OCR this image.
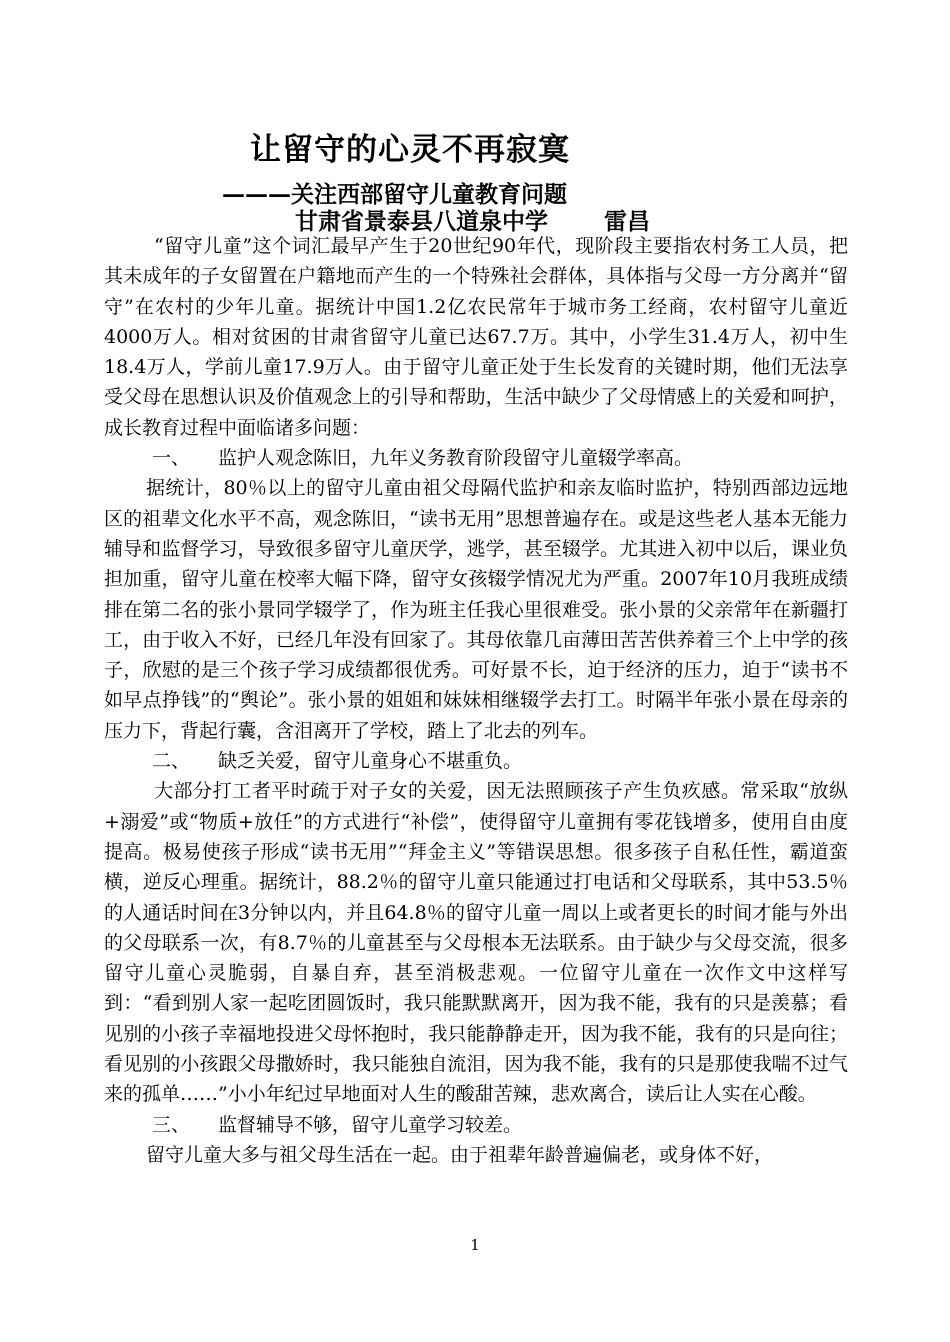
让留守的心灵不再寂寞
———关注西部留守儿童教育问题
甘肃省景泰县八道泉中学 雷昌

“留守儿童”这个词汇最早产生于20世纪90年代，现阶段主要指农村务工人员，把其未成年的子女留置在户籍地而产生的一个特殊社会群体，具体指与父母一方分离并“留守”在农村的少年儿童。据统计中国1.2亿农民常年于城市务工经商，农村留守儿童近4000万人。相对贫困的甘肃省留守儿童已达67.7万。其中，小学生31.4万人，初中生18.4万人，学前儿童17.9万人。由于留守儿童正处于生长发育的关键时期，他们无法享受父母在思想认识及价值观念上的引导和帮助，生活中缺少了父母情感上的关爱和呵护，成长教育过程中面临诸多问题：

一、 监护人观念陈旧，九年义务教育阶段留守儿童辍学率高。

据统计，80％以上的留守儿童由祖父母隔代监护和亲友临时监护，特别西部边远地区的祖辈文化水平不高，观念陈旧，“读书无用”思想普遍存在。或是这些老人基本无能力辅导和监督学习，导致很多留守儿童厌学，逃学，甚至辍学。尤其进入初中以后，课业负担加重，留守儿童在校率大幅下降，留守女孩辍学情况尤为严重。2007年10月我班成绩排在第二名的张小景同学辍学了，作为班主任我心里很难受。张小景的父亲常年在新疆打工，由于收入不好，已经几年没有回家了。其母依靠几亩薄田苦苦供养着三个上中学的孩子，欣慰的是三个孩子学习成绩都很优秀。可好景不长，迫于经济的压力，迫于“读书不如早点挣钱”的“舆论”。张小景的姐姐和妹妹相继辍学去打工。时隔半年张小景在母亲的压力下，背起行囊，含泪离开了学校，踏上了北去的列车。

二、 缺乏关爱，留守儿童身心不堪重负。

大部分打工者平时疏于对子女的关爱，因无法照顾孩子产生负疚感。常采取“放纵+溺爱”或“物质+放任”的方式进行“补偿”，使得留守儿童拥有零花钱增多，使用自由度提高。极易使孩子形成“读书无用”“拜金主义”等错误思想。很多孩子自私任性，霸道蛮横，逆反心理重。据统计，88.2％的留守儿童只能通过打电话和父母联系，其中53.5％的人通话时间在3分钟以内，并且64.8％的留守儿童一周以上或者更长的时间才能与外出的父母联系一次，有8.7％的儿童甚至与父母根本无法联系。由于缺少与父母交流，很多留守儿童心灵脆弱，自暴自弃，甚至消极悲观。一位留守儿童在一次作文中这样写到：“看到别人家一起吃团圆饭时，我只能默默离开，因为我不能，我有的只是羡慕；看见别的小孩子幸福地投进父母怀抱时，我只能静静走开，因为我不能，我有的只是向往；看见别的小孩跟父母撒娇时，我只能独自流泪，因为我不能，我有的只是那使我喘不过气来的孤单……”小小年纪过早地面对人生的酸甜苦辣，悲欢离合，读后让人实在心酸。

三、 监督辅导不够，留守儿童学习较差。

留守儿童大多与祖父母生活在一起。由于祖辈年龄普遍偏老，或身体不好，

1
